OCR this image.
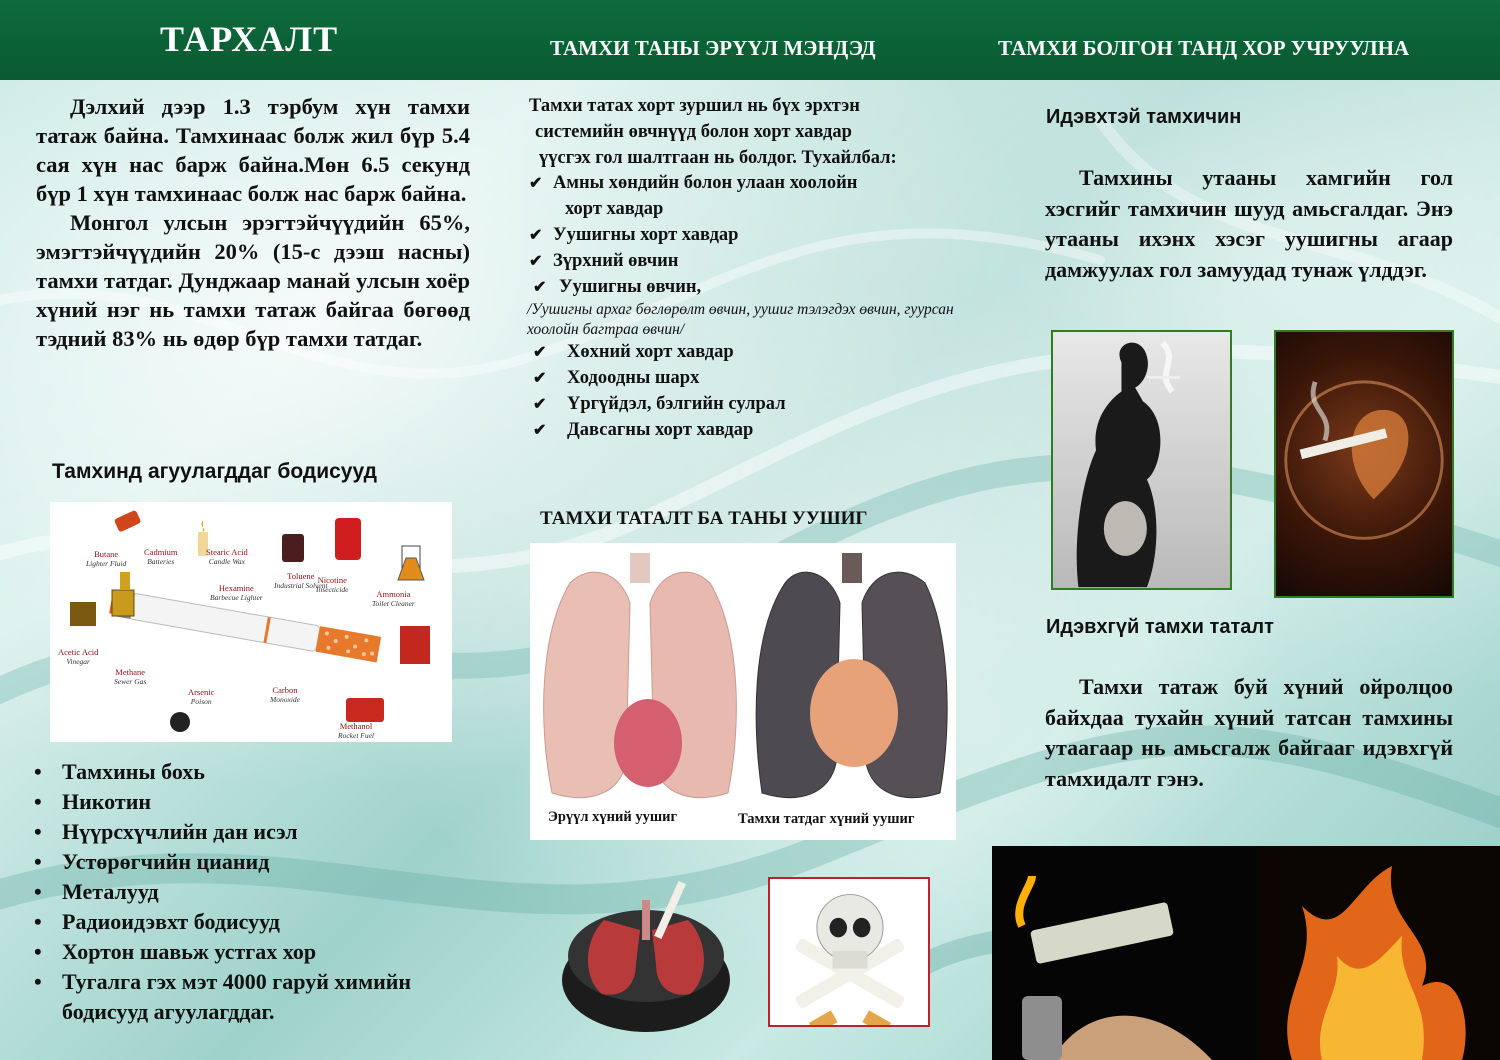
ТАРХАЛТ	ТАМХИ ТАНЫ ЭРҮҮЛ МЭНДЭД	ТАМХИ БОЛГОН ТАНД ХОР УЧРУУЛНА

Дэлхий дээр 1.3 тэрбум хүн тамхи татаж байна. Тамхинаас болж жил бүр 5.4 сая хүн нас барж байна.Мөн 6.5 секунд бүр 1 хүн тамхинаас болж нас барж байна.

Монгол улсын эрэгтэйчүүдийн 65%, эмэгтэйчүүдийн 20% (15-с дээш насны) тамхи татдаг. Дунджаар манай улсын хоёр хүний нэг нь тамхи татаж байгаа бөгөөд тэдний 83% нь өдөр бүр тамхи татдаг.

Тамхинд агуулагддаг бодисууд
Butane
Lighter Fluid
Cadmium
Batteries
Stearic Acid
Candle Wax
Hexamine
Barbecue Lighter
Toluene
Industrial Solvent
Nicotine
Insecticide	Ammonia
Toilet Cleaner
Acetic Acid
Vinegar
Methane
Sewer Gas
Arsenic
Poison
Carbon
Monoxide
Methanol
Rocket Fuel
• Тамхины бохь
• Никотин
• Нүүрсхүчлийн дан исэл
• Устөрөгчийн цианид
• Металууд
• Радиоидэвхт бодисууд
• Хортон шавьж устгах хор
• Тугалга гэх мэт 4000 гаруй химийн бодисууд агуулагддаг.
Тамхи татах хорт зуршил нь бүх эрхтэн
системийн өвчнүүд болон хорт хавдар
үүсгэх гол шалтгаан нь болдог. Тухайлбал:
✔ Амны хөндийн болон улаан хоолойн
хорт хавдар
✔ Уушигны хорт хавдар
✔ Зүрхний өвчин
✔ Уушигны өвчин,
/Уушигны архаг бөглөрөлт өвчин, уушиг тэлэгдэх өвчин, гуурсан хоолойн багтраа өвчин/
✔ Хөхний хорт хавдар
✔ Ходоодны шарх
✔ Үргүйдэл, бэлгийн сулрал
✔ Давсагны хорт хавдар
ТАМХИ ТАТАЛТ БА ТАНЫ УУШИГ
Эрүүл хүний уушиг	Тамхи татдаг хүний уушиг
Идэвхтэй тамхичин

Тамхины утааны хамгийн гол хэсгийг тамхичин шууд амьсгалдаг. Энэ утааны ихэнх хэсэг уушигны агаар дамжуулах гол замуудад тунаж үлддэг.

Идэвхгүй тамхи таталт

Тамхи татаж буй хүний ойролцоо байхдаа тухайн хүний татсан тамхины утаагаар нь амьсгалж байгааг идэвхгүй тамхидалт гэнэ.
